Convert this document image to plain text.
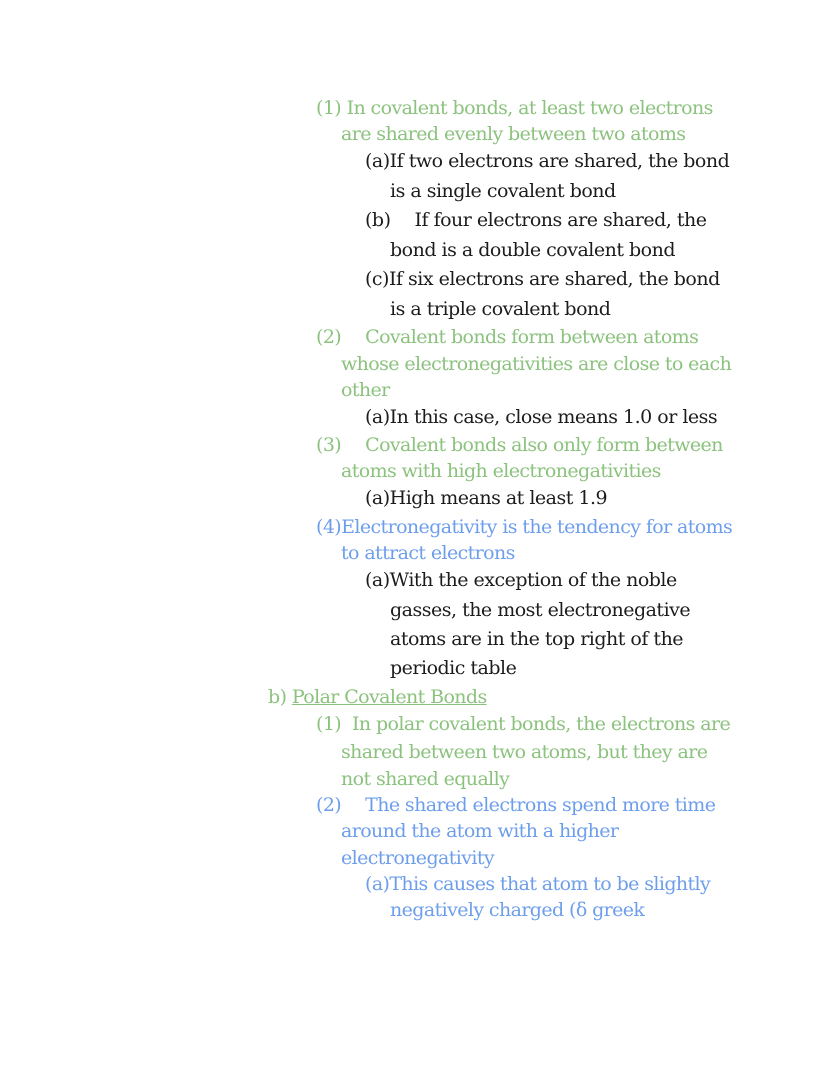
(1) In covalent bonds, at least two electrons

are shared evenly between two atoms

(a)If two electrons are shared, the bond

is a single covalent bond

(b) If four electrons are shared, the

bond is a double covalent bond

(c)If six electrons are shared, the bond

is a triple covalent bond

(2) Covalent bonds form between atoms

whose electronegativities are close to each

other

(a)In this case, close means 1.0 or less

(3) Covalent bonds also only form between

atoms with high electronegativities

(a)High means at least 1.9

(4)Electronegativity is the tendency for atoms

to attract electrons

(a)With the exception of the noble

gasses, the most electronegative

atoms are in the top right of the

periodic table

b) Polar Covalent Bonds

(1) In polar covalent bonds, the electrons are

shared between two atoms, but they are

not shared equally

(2) The shared electrons spend more time

around the atom with a higher

electronegativity

(a)This causes that atom to be slightly

negatively charged (δ greek
